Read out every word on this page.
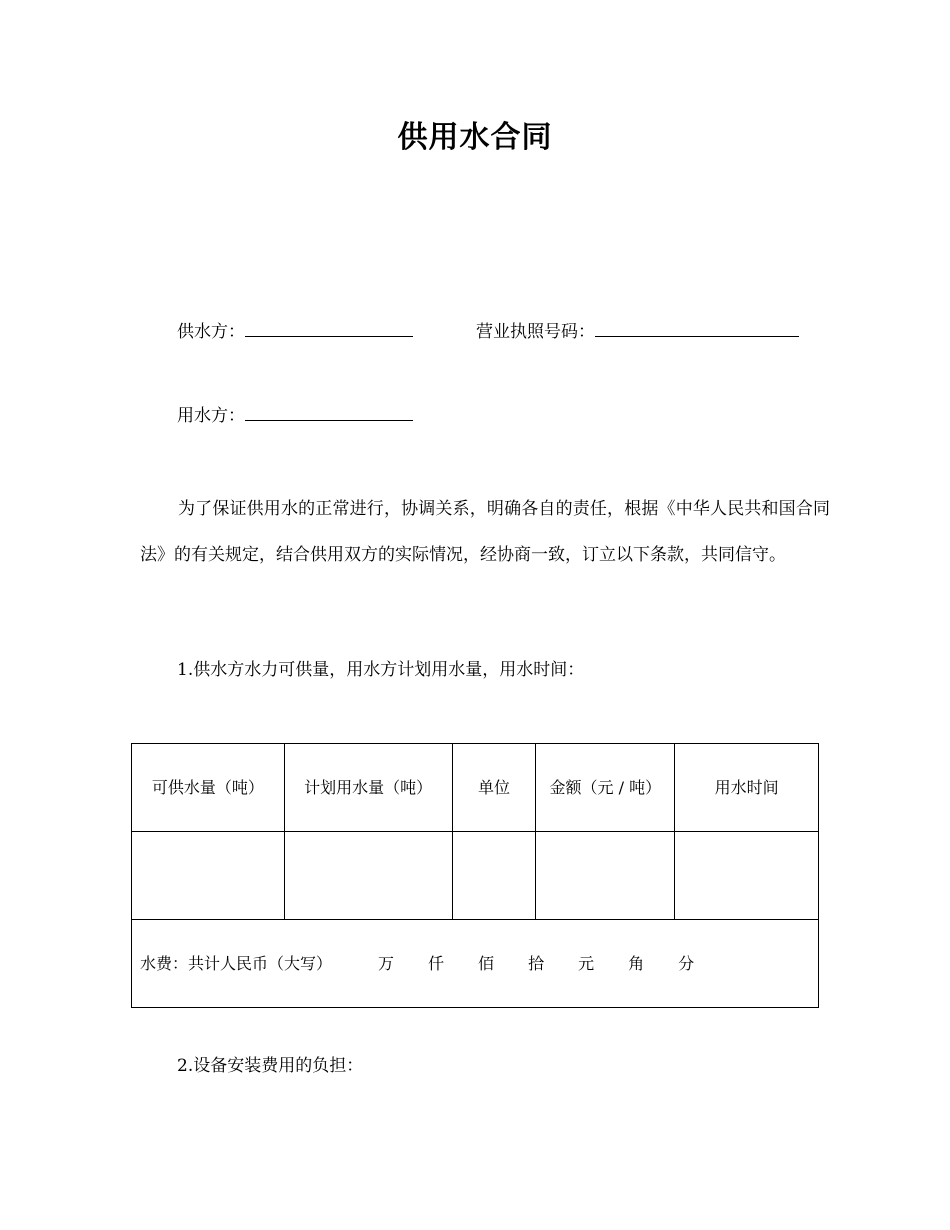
供用水合同
供水方：	营业执照号码：
用水方：
为了保证供用水的正常进行，协调关系，明确各自的责任，根据《中华人民共和国合同法》的有关规定，结合供用双方的实际情况，经协商一致，订立以下条款，共同信守。
1.供水方水力可供量，用水方计划用水量，用水时间：
可供水量（吨）	计划用水量（吨）	单位	金额（元 / 吨）	用水时间

水费：共计人民币（大写） 万 仟 佰 拾 元 角 分				
2.设备安装费用的负担：
